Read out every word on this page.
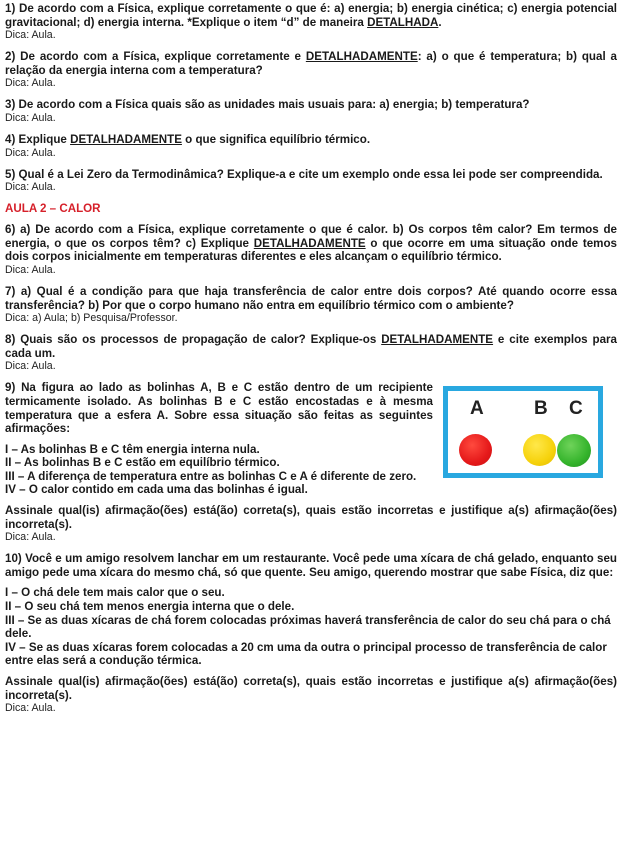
1) De acordo com a Física, explique corretamente o que é: a) energia; b) energia cinética; c) energia potencial gravitacional; d) energia interna. *Explique o item “d” de maneira DETALHADA.

Dica: Aula.

2) De acordo com a Física, explique corretamente e DETALHADAMENTE: a) o que é temperatura; b) qual a relação da energia interna com a temperatura?

Dica: Aula.

3) De acordo com a Física quais são as unidades mais usuais para: a) energia; b) temperatura?

Dica: Aula.

4) Explique DETALHADAMENTE o que significa equilíbrio térmico.

Dica: Aula.

5) Qual é a Lei Zero da Termodinâmica? Explique-a e cite um exemplo onde essa lei pode ser compreendida.

Dica: Aula.

AULA 2 – CALOR

6) a) De acordo com a Física, explique corretamente o que é calor. b) Os corpos têm calor? Em termos de energia, o que os corpos têm? c) Explique DETALHADAMENTE o que ocorre em uma situação onde temos dois corpos inicialmente em temperaturas diferentes e eles alcançam o equilíbrio térmico.

Dica: Aula.

7) a) Qual é a condição para que haja transferência de calor entre dois corpos? Até quando ocorre essa transferência? b) Por que o corpo humano não entra em equilíbrio térmico com o ambiente?

Dica: a) Aula; b) Pesquisa/Professor.

8) Quais são os processos de propagação de calor? Explique-os DETALHADAMENTE e cite exemplos para cada um.

Dica: Aula.

9) Na figura ao lado as bolinhas A, B e C estão dentro de um recipiente termicamente isolado. As bolinhas B e C estão encostadas e à mesma temperatura que a esfera A. Sobre essa situação são feitas as seguintes afirmações:

A	B C

I – As bolinhas B e C têm energia interna nula.

II – As bolinhas B e C estão em equilíbrio térmico.

III – A diferença de temperatura entre as bolinhas C e A é diferente de zero.

IV – O calor contido em cada uma das bolinhas é igual.

Assinale qual(is) afirmação(ões) está(ão) correta(s), quais estão incorretas e justifique a(s) afirmação(ões) incorreta(s).

Dica: Aula.

10) Você e um amigo resolvem lanchar em um restaurante. Você pede uma xícara de chá gelado, enquanto seu amigo pede uma xícara do mesmo chá, só que quente. Seu amigo, querendo mostrar que sabe Física, diz que:

I – O chá dele tem mais calor que o seu.

II – O seu chá tem menos energia interna que o dele.

III – Se as duas xícaras de chá forem colocadas próximas haverá transferência de calor do seu chá para o chá dele.

IV – Se as duas xícaras forem colocadas a 20 cm uma da outra o principal processo de transferência de calor entre elas será a condução térmica.

Assinale qual(is) afirmação(ões) está(ão) correta(s), quais estão incorretas e justifique a(s) afirmação(ões) incorreta(s).

Dica: Aula.
